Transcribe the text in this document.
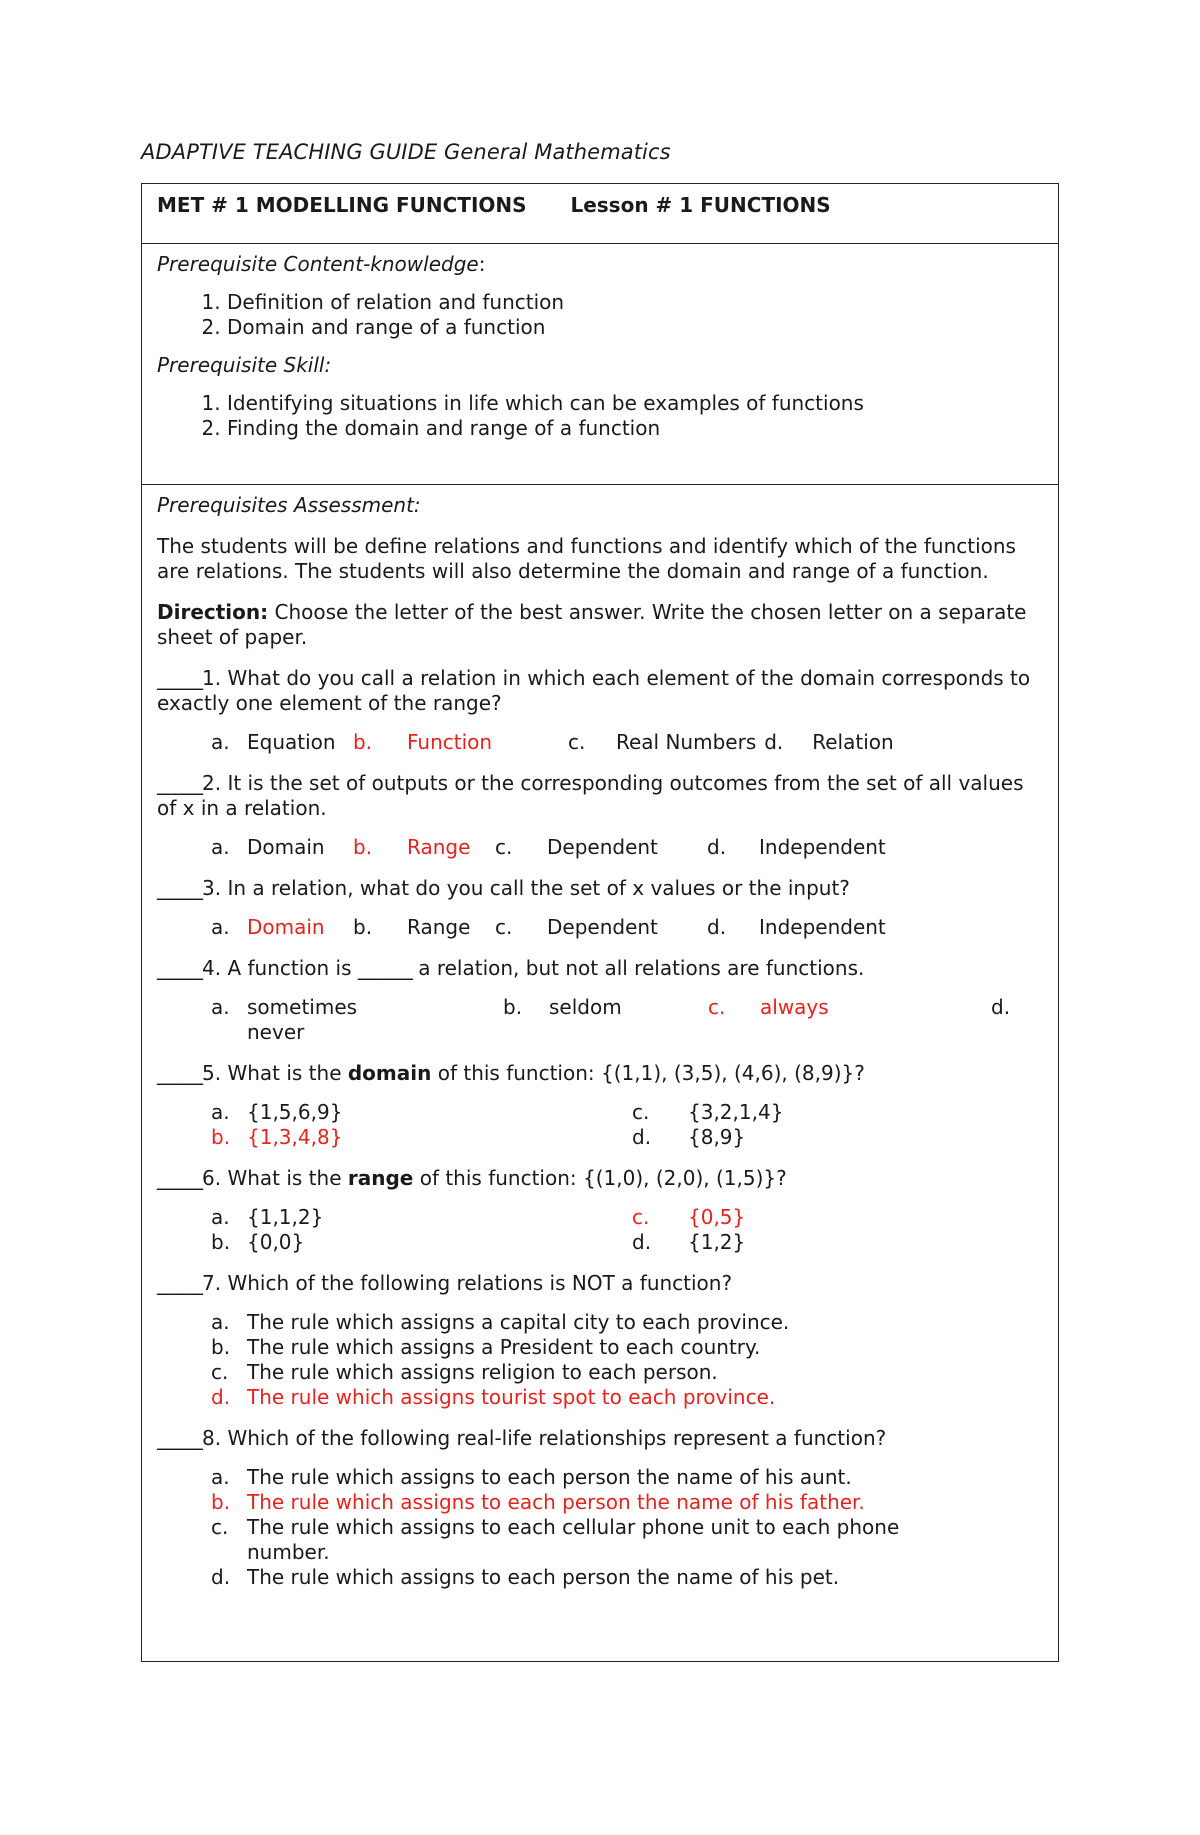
ADAPTIVE TEACHING GUIDE General Mathematics
MET # 1 MODELLING FUNCTIONS Lesson # 1 FUNCTIONS

Prerequisite Content-knowledge:

1. Definition of relation and function
2. Domain and range of a function

Prerequisite Skill:

1. Identifying situations in life which can be examples of functions
2. Finding the domain and range of a function

Prerequisites Assessment:

The students will be define relations and functions and identify which of the functions are relations. The students will also determine the domain and range of a function.

Direction: Choose the letter of the best answer. Write the chosen letter on a separate sheet of paper.

_____1. What do you call a relation in which each element of the domain corresponds to exactly one element of the range?

a. Equation b.	Function	c.	Real Numbers d.	Relation

_____2. It is the set of outputs or the corresponding outcomes from the set of all values of x in a relation.

a. Domain	b.	Range	c.	Dependent	d.	Independent

_____3. In a relation, what do you call the set of x values or the input?

a. Domain	b.	Range	c.	Dependent	d.	Independent

_____4. A function is ______ a relation, but not all relations are functions.

a. sometimes	b.	seldom	c.	always	d.
never

_____5. What is the domain of this function: {(1,1), (3,5), (4,6), (8,9)}?

a. {1,5,6,9}	c.	{3,2,1,4}
b. {1,3,4,8}	d.	{8,9}

_____6. What is the range of this function: {(1,0), (2,0), (1,5)}?

a. {1,1,2}	c.	{0,5}
b. {0,0}	d.	{1,2}

_____7. Which of the following relations is NOT a function?

a. The rule which assigns a capital city to each province.
b. The rule which assigns a President to each country.
c. The rule which assigns religion to each person.
d. The rule which assigns tourist spot to each province.

_____8. Which of the following real-life relationships represent a function?

a. The rule which assigns to each person the name of his aunt.
b. The rule which assigns to each person the name of his father.
c. The rule which assigns to each cellular phone unit to each phone number.
d. The rule which assigns to each person the name of his pet.
